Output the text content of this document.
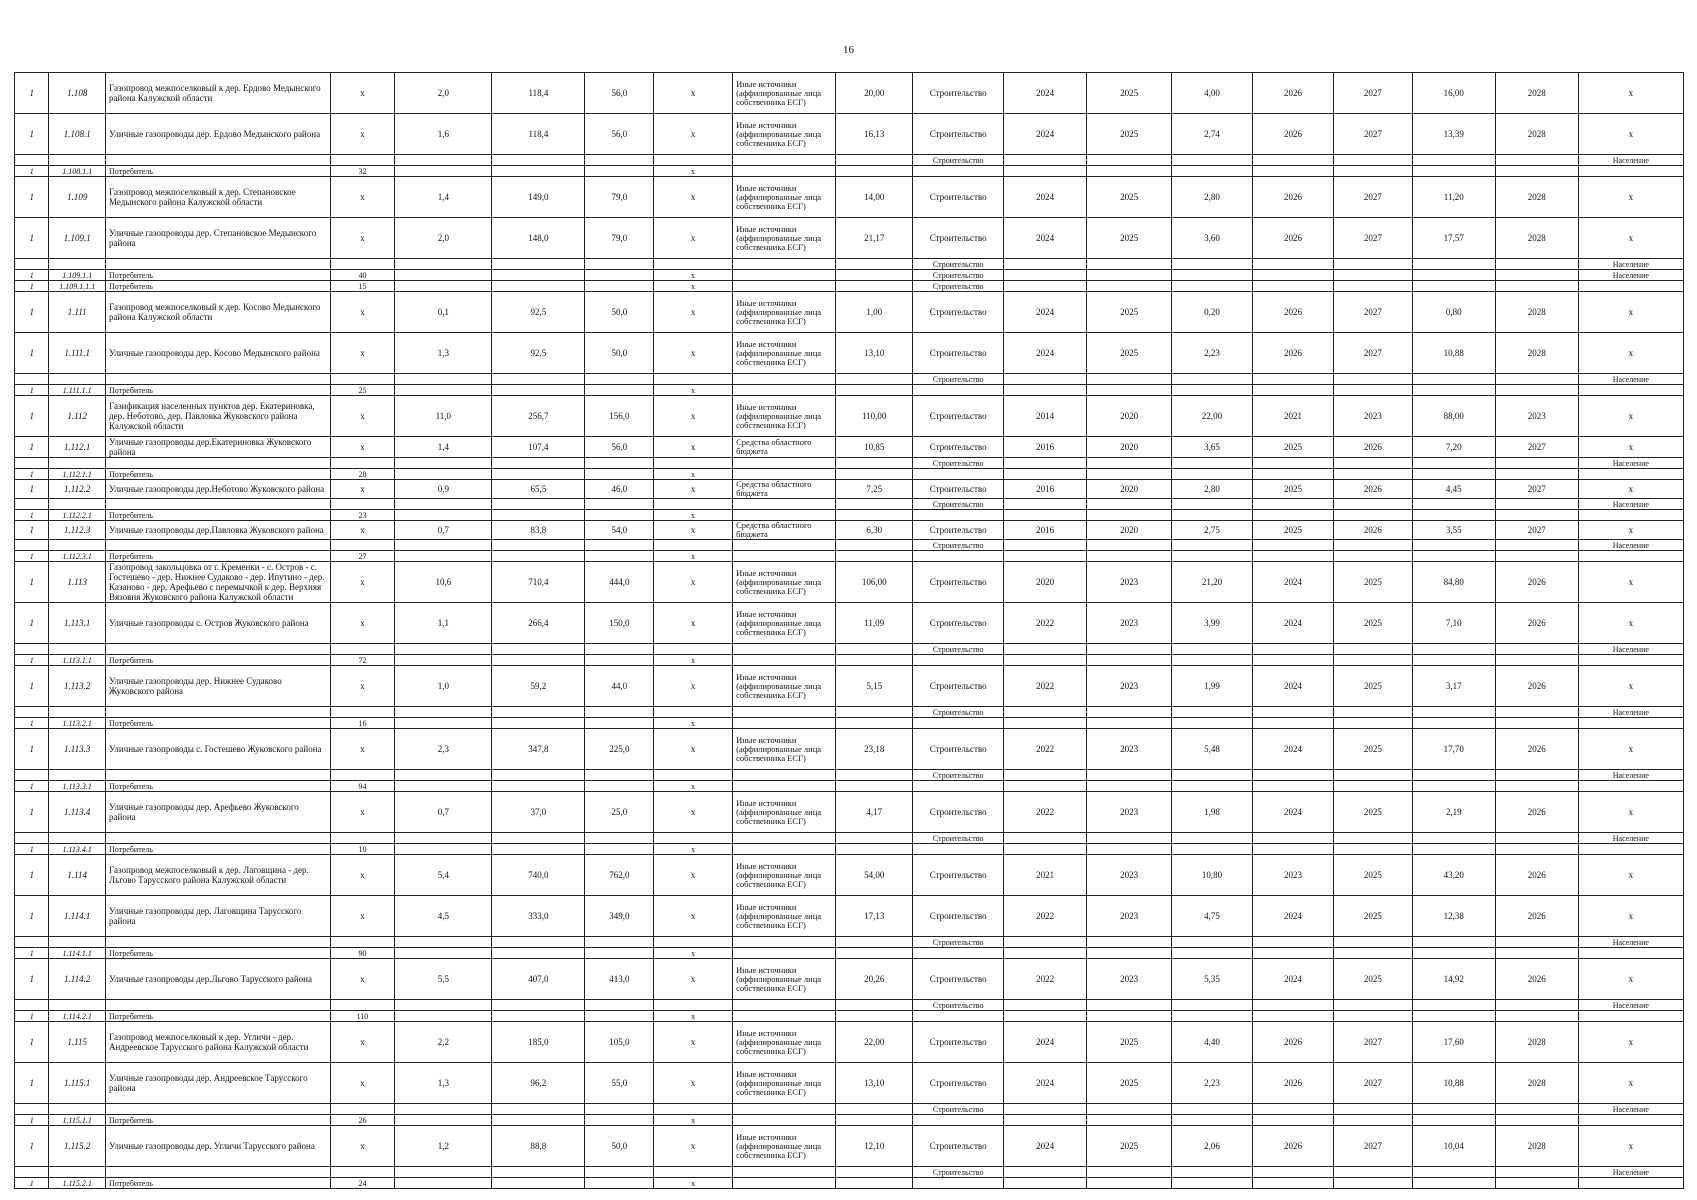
16
1	1.108	Газопровод межпоселковый к дер. Ердово Медынского района Калужской области	x	2,0	118,4	56,0	x	Иные источники (аффилированные лица собственника ЕСГ)	20,00	Строительство	2024	2025	4,00	2026	2027	16,00	2028	x
1	1.108.1	Уличные газопроводы дер. Ердово Медынского района	x	1,6	118,4	56,0	x	Иные источники (аффилированные лица собственника ЕСГ)	16,13	Строительство	2024	2025	2,74	2026	2027	13,39	2028	x
										Строительство								Население
1	1.108.1.1	Потребитель	32				x											
1	1.109	Газопровод межпоселковый к дер. Степановское Медынского района Калужской области	x	1,4	149,0	79,0	x	Иные источники (аффилированные лица собственника ЕСГ)	14,00	Строительство	2024	2025	2,80	2026	2027	11,20	2028	x
1	1.109.1	Уличные газопроводы дер. Степановское Медынского района	x	2,0	148,0	79,0	x	Иные источники (аффилированные лица собственника ЕСГ)	21,17	Строительство	2024	2025	3,60	2026	2027	17,57	2028	x
										Строительство								Население
1	1.109.1.1	Потребитель	40				x			Строительство								Население
1	1.109.1.1.1	Потребитель	15				x			Строительство								
1	1.111	Газопровод межпоселковый к дер. Косово Медынского района Калужской области	x	0,1	92,5	50,0	x	Иные источники (аффилированные лица собственника ЕСГ)	1,00	Строительство	2024	2025	0,20	2026	2027	0,80	2028	x
1	1.111.1	Уличные газопроводы дер. Косово Медынского района	x	1,3	92,5	50,0	x	Иные источники (аффилированные лица собственника ЕСГ)	13,10	Строительство	2024	2025	2,23	2026	2027	10,88	2028	x
										Строительство								Население
1	1.111.1.1	Потребитель	25				x											
1	1.112	Газификация населенных пунктов дер. Екатериновка, дер. Неботово, дер. Павловка Жуковского района Калужской области	x	11,0	256,7	156,0	x	Иные источники (аффилированные лица собственника ЕСГ)	110,00	Строительство	2014	2020	22,00	2021	2023	88,00	2023	x
1	1.112.1	Уличные газопроводы дер.Екатериновка Жуковского района	x	1,4	107,4	56,0	x	Средства областного бюджета	10,85	Строительство	2016	2020	3,65	2025	2026	7,20	2027	x
										Строительство								Население
1	1.112.1.1	Потребитель	28				x											
1	1.112.2	Уличные газопроводы дер.Неботово Жуковского района	x	0,9	65,5	46,0	x	Средства областного бюджета	7,25	Строительство	2016	2020	2,80	2025	2026	4,45	2027	x
										Строительство								Население
1	1.112.2.1	Потребитель	23				x											
1	1.112.3	Уличные газопроводы дер.Павловка Жуковского района	x	0,7	83,8	54,0	x	Средства областного бюджета	6,30	Строительство	2016	2020	2,75	2025	2026	3,55	2027	x
										Строительство								Население
1	1.112.3.1	Потребитель	27				x											
1	1.113	Газопровод закольцовка от г. Кременки - с. Остров - с. Гостешево - дер. Нижнее Судаково - дер. Ипутино - дер. Казаново - дер. Арефьево с перемычкой к дер. Верхняя Вязовня Жуковского района Калужской области	x	10,6	710,4	444,0	x	Иные источники (аффилированные лица собственника ЕСГ)	106,00	Строительство	2020	2023	21,20	2024	2025	84,80	2026	x
1	1.113.1	Уличные газопроводы с. Остров Жуковского района	x	1,1	266,4	150,0	x	Иные источники (аффилированные лица собственника ЕСГ)	11,09	Строительство	2022	2023	3,99	2024	2025	7,10	2026	x
										Строительство								Население
1	1.113.1.1	Потребитель	72				x											
1	1.113.2	Уличные газопроводы дер. Нижнее Судаково Жуковского района	x	1,0	59,2	44,0	x	Иные источники (аффилированные лица собственника ЕСГ)	5,15	Строительство	2022	2023	1,99	2024	2025	3,17	2026	x
										Строительство								Население
1	1.113.2.1	Потребитель	16				x											
1	1.113.3	Уличные газопроводы с. Гостешево Жуковского района	x	2,3	347,8	225,0	x	Иные источники (аффилированные лица собственника ЕСГ)	23,18	Строительство	2022	2023	5,48	2024	2025	17,70	2026	x
										Строительство								Население
1	1.113.3.1	Потребитель	94				x											
1	1.113.4	Уличные газопроводы дер. Арефьево Жуковского района	x	0,7	37,0	25,0	x	Иные источники (аффилированные лица собственника ЕСГ)	4,17	Строительство	2022	2023	1,98	2024	2025	2,19	2026	x
										Строительство								Население
1	1.113.4.1	Потребитель	10				x											
1	1.114	Газопровод межпоселковый к дер. Лаговщина - дер. Льгово Тарусского района Калужской области	x	5,4	740,0	762,0	x	Иные источники (аффилированные лица собственника ЕСГ)	54,00	Строительство	2021	2023	10,80	2023	2025	43,20	2026	x
1	1.114.1	Уличные газопроводы дер. Лаговщина Тарусского района	x	4,5	333,0	349,0	x	Иные источники (аффилированные лица собственника ЕСГ)	17,13	Строительство	2022	2023	4,75	2024	2025	12,38	2026	x
										Строительство								Население
1	1.114.1.1	Потребитель	90				x											
1	1.114.2	Уличные газопроводы дер.Льгово Тарусского района	x	5,5	407,0	413,0	x	Иные источники (аффилированные лица собственника ЕСГ)	20,26	Строительство	2022	2023	5,35	2024	2025	14,92	2026	x
										Строительство								Население
1	1.114.2.1	Потребитель	110				x											
1	1.115	Газопровод межпоселковый к дер. Угличи - дер. Андреевское Тарусского района Калужской области	x	2,2	185,0	105,0	x	Иные источники (аффилированные лица собственника ЕСГ)	22,00	Строительство	2024	2025	4,40	2026	2027	17,60	2028	x
1	1.115.1	Уличные газопроводы дер. Андреевское Тарусского района	x	1,3	96,2	55,0	x	Иные источники (аффилированные лица собственника ЕСГ)	13,10	Строительство	2024	2025	2,23	2026	2027	10,88	2028	x
										Строительство								Население
1	1.115.1.1	Потребитель	26				x											
1	1.115.2	Уличные газопроводы дер. Угличи Тарусского района	x	1,2	88,8	50,0	x	Иные источники (аффилированные лица собственника ЕСГ)	12,10	Строительство	2024	2025	2,06	2026	2027	10,04	2028	x
										Строительство								Население
1	1.115.2.1	Потребитель	24				x											
